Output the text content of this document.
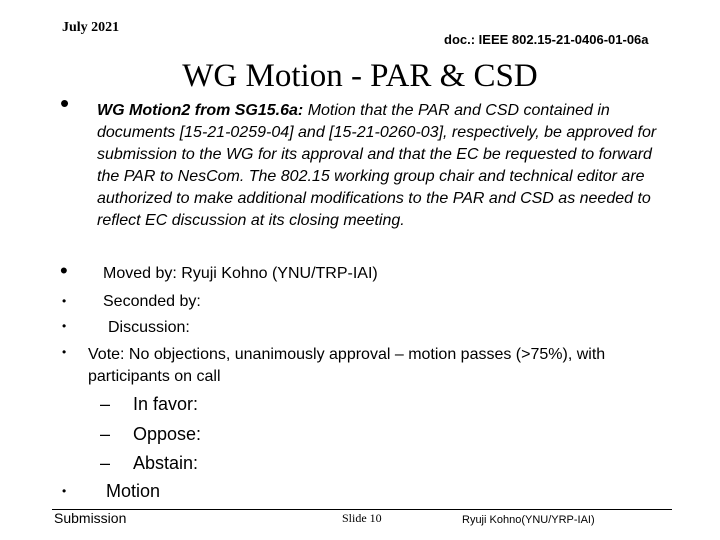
July 2021
doc.: IEEE 802.15-21-0406-01-06a
WG Motion - PAR & CSD
• WG Motion2 from SG15.6a: Motion that the PAR and CSD contained in documents [15-21-0259-04] and [15-21-0260-03], respectively, be approved for submission to the WG for its approval and that the EC be requested to forward the PAR to NesCom. The 802.15 working group chair and technical editor are authorized to make additional modifications to the PAR and CSD as needed to reflect EC discussion at its closing meeting.
• Moved by: Ryuji Kohno (YNU/TRP-IAI)
• Seconded by:
•	Discussion:
• Vote: No objections, unanimously approval – motion passes (>75%), with participants on call
– In favor:
– Oppose:
– Abstain:
• Motion
Submission	Slide 10	Ryuji Kohno(YNU/YRP-IAI)
